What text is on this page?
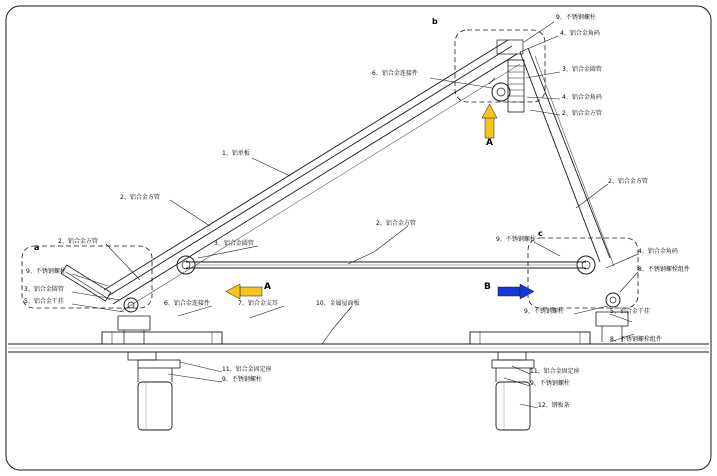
9、不锈钢螺柱
4、铝合金角码
3、铝合金圆管
4、铝合金角码
2、铝合金方管
6、铝合金连接件
1、铝单板
2、铝合金方管
2、铝合金方管
2、铝合金方管
9、不锈钢螺柱
2、铝合金方管	3、铝合金圆管
9、不锈钢螺柱
4、铝合金角码
8、不锈钢螺栓组件
3、铝合金圆管
5、铝合金干挂	6、铝合金连接件	7、铝合金支耳
5、铝合金干挂
9、不锈钢螺柱
10、金属屋面板
8、不锈钢螺栓组件
11、铝合金固定座
9、不锈钢螺柱
12、钢板条
9、不锈钢螺柱
11、铝合金固定座
a
b
c
A
A	B
